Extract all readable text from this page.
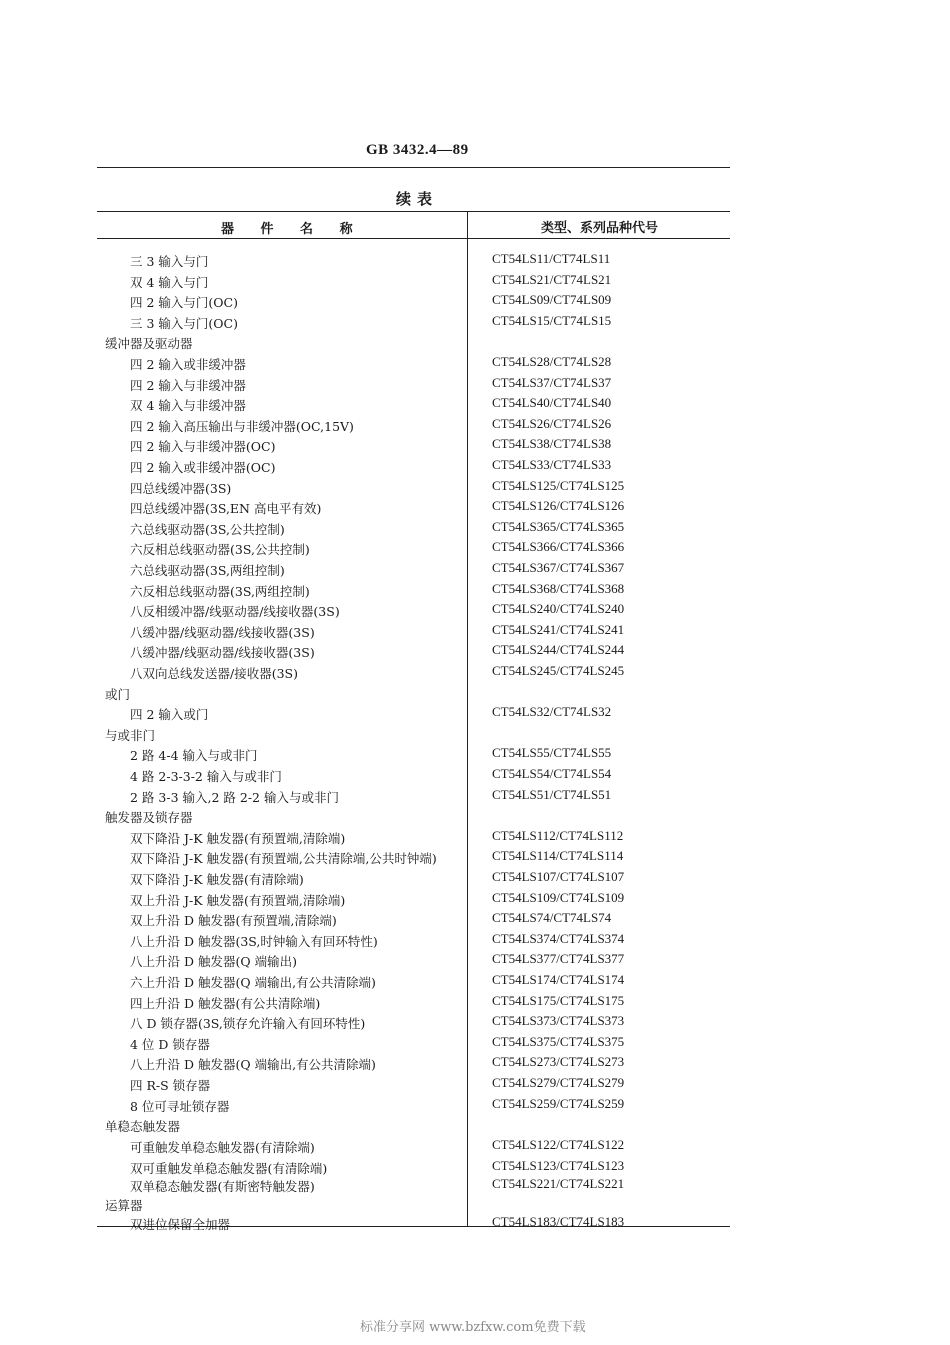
GB 3432.4—89
续表
器 件 名 称	类型、系列品种代号
三 3 输入与门	CT54LS11/CT74LS11
双 4 输入与门	CT54LS21/CT74LS21
四 2 输入与门(OC)	CT54LS09/CT74LS09
三 3 输入与门(OC)	CT54LS15/CT74LS15
缓冲器及驱动器
四 2 输入或非缓冲器	CT54LS28/CT74LS28
四 2 输入与非缓冲器	CT54LS37/CT74LS37
双 4 输入与非缓冲器	CT54LS40/CT74LS40
四 2 输入高压输出与非缓冲器(OC,15V)	CT54LS26/CT74LS26
四 2 输入与非缓冲器(OC)	CT54LS38/CT74LS38
四 2 输入或非缓冲器(OC)	CT54LS33/CT74LS33
四总线缓冲器(3S)	CT54LS125/CT74LS125
四总线缓冲器(3S,EN 高电平有效)	CT54LS126/CT74LS126
六总线驱动器(3S,公共控制)	CT54LS365/CT74LS365
六反相总线驱动器(3S,公共控制)	CT54LS366/CT74LS366
六总线驱动器(3S,两组控制)	CT54LS367/CT74LS367
六反相总线驱动器(3S,两组控制)	CT54LS368/CT74LS368
八反相缓冲器/线驱动器/线接收器(3S)	CT54LS240/CT74LS240
八缓冲器/线驱动器/线接收器(3S)	CT54LS241/CT74LS241
八缓冲器/线驱动器/线接收器(3S)	CT54LS244/CT74LS244
八双向总线发送器/接收器(3S)	CT54LS245/CT74LS245
或门
四 2 输入或门	CT54LS32/CT74LS32
与或非门
2 路 4-4 输入与或非门	CT54LS55/CT74LS55
4 路 2-3-3-2 输入与或非门	CT54LS54/CT74LS54
2 路 3-3 输入,2 路 2-2 输入与或非门	CT54LS51/CT74LS51
触发器及锁存器
双下降沿 J-K 触发器(有预置端,清除端)	CT54LS112/CT74LS112
双下降沿 J-K 触发器(有预置端,公共清除端,公共时钟端)	CT54LS114/CT74LS114
双下降沿 J-K 触发器(有清除端)	CT54LS107/CT74LS107
双上升沿 J-K 触发器(有预置端,清除端)	CT54LS109/CT74LS109
双上升沿 D 触发器(有预置端,清除端)	CT54LS74/CT74LS74
八上升沿 D 触发器(3S,时钟输入有回环特性)	CT54LS374/CT74LS374
八上升沿 D 触发器(Q 端输出)	CT54LS377/CT74LS377
六上升沿 D 触发器(Q 端输出,有公共清除端)	CT54LS174/CT74LS174
四上升沿 D 触发器(有公共清除端)	CT54LS175/CT74LS175
八 D 锁存器(3S,锁存允许输入有回环特性)	CT54LS373/CT74LS373
4 位 D 锁存器	CT54LS375/CT74LS375
八上升沿 D 触发器(Q 端输出,有公共清除端)	CT54LS273/CT74LS273
四 R-S 锁存器	CT54LS279/CT74LS279
8 位可寻址锁存器	CT54LS259/CT74LS259
单稳态触发器
可重触发单稳态触发器(有清除端)	CT54LS122/CT74LS122
双可重触发单稳态触发器(有清除端)	CT54LS123/CT74LS123
双单稳态触发器(有斯密特触发器)	CT54LS221/CT74LS221
运算器
双进位保留全加器	CT54LS183/CT74LS183
标准分享网 www.bzfxw.com免费下载
